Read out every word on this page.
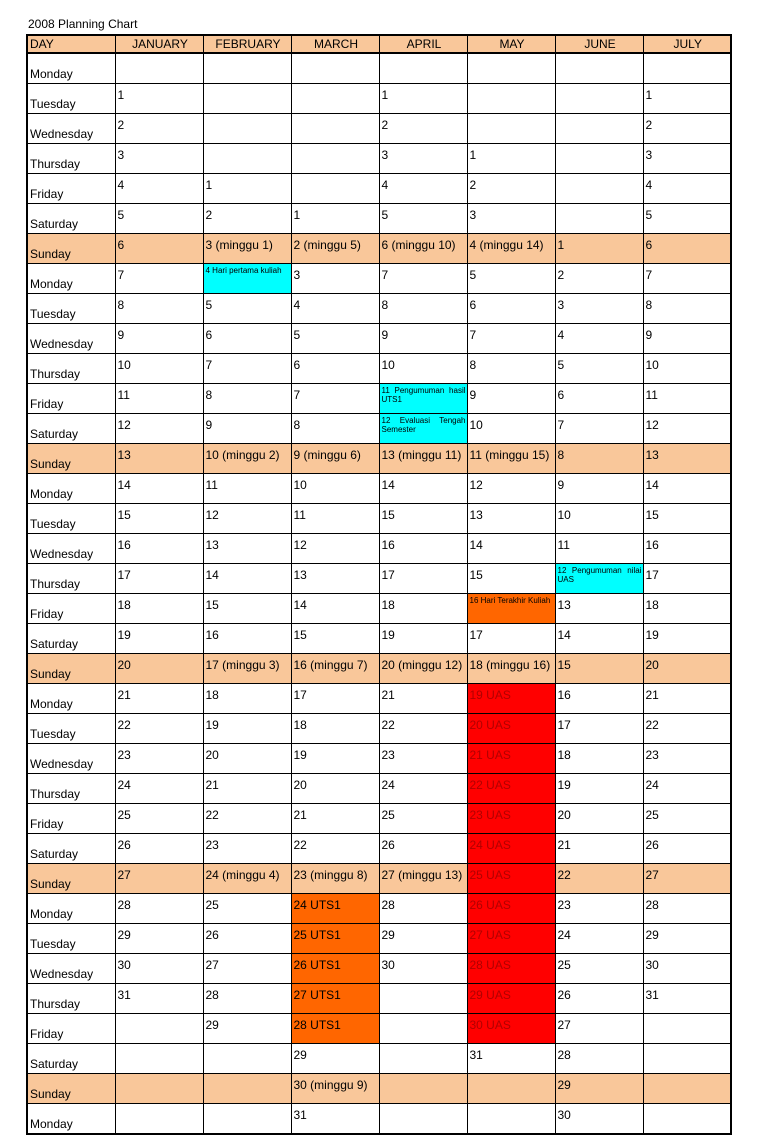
2008 Planning Chart
DAY	JANUARY	FEBRUARY	MARCH	APRIL	MAY	JUNE	JULY
Monday							
Tuesday	1			1			1
Wednesday	2			2			2
Thursday	3			3	1		3
Friday	4	1		4	2		4
Saturday	5	2	1	5	3		5
Sunday	6	3 (minggu 1)	2 (minggu 5)	6 (minggu 10)	4 (minggu 14)	1	6
Monday	7	4 Hari pertama kuliah	3	7	5	2	7
Tuesday	8	5	4	8	6	3	8
Wednesday	9	6	5	9	7	4	9
Thursday	10	7	6	10	8	5	10
Friday	11	8	7	11 Pengumuman hasil UTS1	9	6	11
Saturday	12	9	8	12 Evaluasi Tengah Semester	10	7	12
Sunday	13	10 (minggu 2)	9 (minggu 6)	13 (minggu 11)	11 (minggu 15)	8	13
Monday	14	11	10	14	12	9	14
Tuesday	15	12	11	15	13	10	15
Wednesday	16	13	12	16	14	11	16
Thursday	17	14	13	17	15	12 Pengumuman nilai UAS	17
Friday	18	15	14	18	16 Hari Terakhir Kuliah	13	18
Saturday	19	16	15	19	17	14	19
Sunday	20	17 (minggu 3)	16 (minggu 7)	20 (minggu 12)	18 (minggu 16)	15	20
Monday	21	18	17	21	19 UAS	16	21
Tuesday	22	19	18	22	20 UAS	17	22
Wednesday	23	20	19	23	21 UAS	18	23
Thursday	24	21	20	24	22 UAS	19	24
Friday	25	22	21	25	23 UAS	20	25
Saturday	26	23	22	26	24 UAS	21	26
Sunday	27	24 (minggu 4)	23 (minggu 8)	27 (minggu 13)	25 UAS	22	27
Monday	28	25	24 UTS1	28	26 UAS	23	28
Tuesday	29	26	25 UTS1	29	27 UAS	24	29
Wednesday	30	27	26 UTS1	30	28 UAS	25	30
Thursday	31	28	27 UTS1		29 UAS	26	31
Friday		29	28 UTS1		30 UAS	27	
Saturday			29		31	28	
Sunday			30 (minggu 9)			29	
Monday			31			30	
